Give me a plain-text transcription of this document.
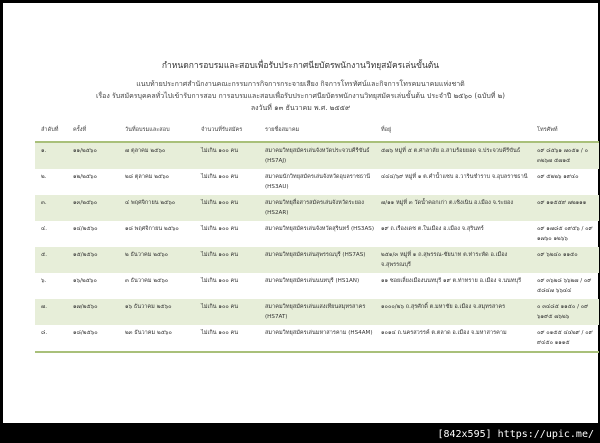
กำหนดการอบรมและสอบเพื่อรับประกาศนียบัตรพนักงานวิทยุสมัครเล่นขั้นต้น
แนบท้ายประกาศสำนักงานคณะกรรมการกิจการกระจายเสียง กิจการโทรทัศน์และกิจการโทรคมนาคมแห่งชาติ
เรื่อง รับสมัครบุคคลทั่วไปเข้ารับการสอบ การอบรมและสอบเพื่อรับประกาศนียบัตรพนักงานวิทยุสมัครเล่นขั้นต้น ประจำปี ๒๕๖๐ (ฉบับที่ ๒)
ลงวันที่ ๑๓ ธันวาคม พ.ศ. ๒๕๕๙
ลำดับที่	ครั้งที่	วันที่อบรมและสอบ	จำนวนที่รับสมัคร	รายชื่อสมาคม	ที่อยู่	โทรศัพท์
๑.	๑๑/๒๕๖๐	๗ ตุลาคม ๒๕๖๐	ไม่เกิน ๑๐๐ คน	สมาคมวิทยุสมัครเล่นจังหวัดประจวบคีรีขันธ์ (HS7AJ)	๕๗๖ หมู่ที่ ๕ ต.ศาลาลัย อ.สามร้อยยอด จ.ประจวบคีรีขันธ์	๐๙ ๘๕๖๑ ๗๐๕๑ / ๐ ๓๒๖๗ ๕๗๑๕
๒.	๑๒/๒๕๖๐	๒๘ ตุลาคม ๒๕๖๐	ไม่เกิน ๑๐๐ คน	สมาคมนักวิทยุสมัครเล่นจังหวัดอุบลราชธานี (HS3AU)	๔๔๔/๖๙ หมู่ที่ ๑ ต.คำน้ำแซบ อ.วารินชำราบ จ.อุบลราชธานี	๐๙ ๕๒๒๖ ๑๙๔๐
๓.	๑๓/๒๕๖๐	๔ พฤศจิกายน ๒๕๖๐	ไม่เกิน ๑๐๐ คน	สมาคมวิทยุสื่อสารสมัครเล่นจังหวัดระยอง (HS2AR)	๗/๑๑ หมู่ที่ ๓ วัดน้ำคอกเก่า ต.เชิงเนิน อ.เมือง จ.ระยอง	๐๙ ๑๑๕๕๙ ๗๒๑๑๑
๔.	๑๔/๒๕๖๐	๑๘ พฤศจิกายน ๒๕๖๐	ไม่เกิน ๑๐๐ คน	สมาคมวิทยุสมัครเล่นจังหวัดสุรินทร์ (HS3AS)	๑๙ ถ.เรืองเดช ต.ในเมือง อ.เมือง จ.สุรินทร์	๐๙ ๑๗๘๕ ๐๙๕๖ / ๐๙ ๑๗๖๐ ๑๒๖๖
๕.	๑๕/๒๕๖๐	๒ ธันวาคม ๒๕๖๐	ไม่เกิน ๑๐๐ คน	สมาคมวิทยุสมัครเล่นสุพรรณบุรี (HS7AS)	๒๕๑/๓ หมู่ที่ ๑ ถ.สุพรรณ-ชัยนาท ต.ท่าระหัด อ.เมือง จ.สุพรรณบุรี	๐๙ ๖๒๔๐ ๑๑๕๐
๖.	๑๖/๒๕๖๐	๓ ธันวาคม ๒๕๖๐	ไม่เกิน ๑๐๐ คน	สมาคมวิทยุสมัครเล่นนนทบุรี (HS1AN)	๑๑ ซอยเลี่ยงเมืองนนทบุรี ๑๙ ต.ท่าทราย อ.เมือง จ.นนทบุรี	๐๙ ๓๖๒๘ ๖๖๒๗ / ๐๙ ๕๘๔๗ ๖๖๔๔
๗.	๑๗/๒๕๖๐	๑๖ ธันวาคม ๒๕๖๐	ไม่เกิน ๑๐๐ คน	สมาคมวิทยุสมัครเล่นแสงเทียนสมุทรสาคร (HS7AT)	๑๐๐๐/๒๖ ถ.สุรศักดิ์ ต.มหาชัย อ.เมือง จ.สมุทรสาคร	๐ ๓๔๘๕ ๑๑๕๐ / ๐๙ ๖๑๙๕ ๗๖๒๖
๘.	๑๘/๒๕๖๐	๒๓ ธันวาคม ๒๕๖๐	ไม่เกิน ๑๐๐ คน	สมาคมวิทยุสมัครเล่นมหาสารคาม (HS4AM)	๑๐๑๔ ถ.นครสวรรค์ ต.ตลาด อ.เมือง จ.มหาสารคาม	๐๙ ๐๑๕๕ ๔๔๒๙ / ๐๙ ๙๔๕๐ ๑๑๑๕
[842x595] https://upic.me/
